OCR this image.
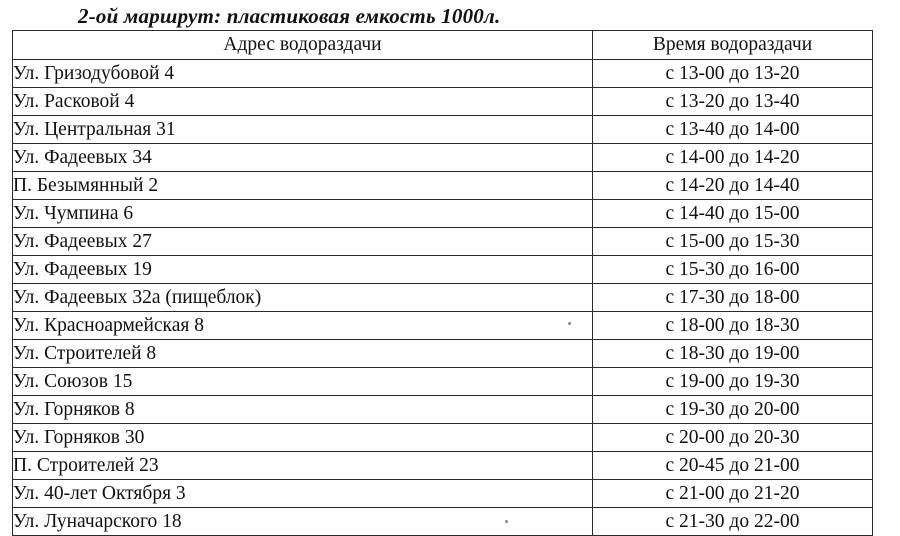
2-ой маршрут: пластиковая емкость 1000л.
Адрес водораздачи	Время водораздачи
Ул. Гризодубовой 4	с 13-00 до 13-20
Ул. Расковой 4	с 13-20 до 13-40
Ул. Центральная 31	с 13-40 до 14-00
Ул. Фадеевых 34	с 14-00 до 14-20
П. Безымянный 2	с 14-20 до 14-40
Ул. Чумпина 6	с 14-40 до 15-00
Ул. Фадеевых 27	с 15-00 до 15-30
Ул. Фадеевых 19	с 15-30 до 16-00
Ул. Фадеевых 32а (пищеблок)	с 17-30 до 18-00
Ул. Красноармейская 8	с 18-00 до 18-30
Ул. Строителей 8	с 18-30 до 19-00
Ул. Союзов 15	с 19-00 до 19-30
Ул. Горняков 8	с 19-30 до 20-00
Ул. Горняков 30	с 20-00 до 20-30
П. Строителей 23	с 20-45 до 21-00
Ул. 40-лет Октября 3	с 21-00 до 21-20
Ул. Луначарского 18	с 21-30 до 22-00
